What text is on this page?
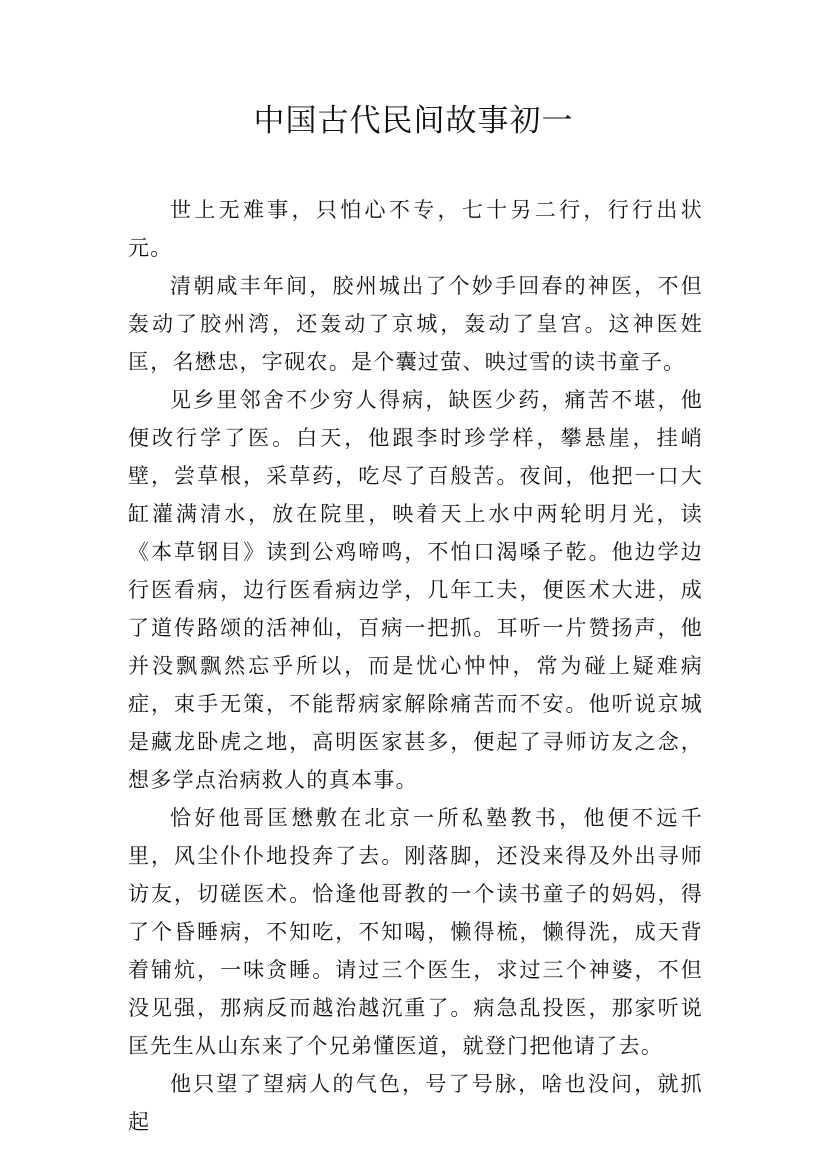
中国古代民间故事初一

世上无难事，只怕心不专，七十另二行，行行出状元。

清朝咸丰年间，胶州城出了个妙手回春的神医，不但轰动了胶州湾，还轰动了京城，轰动了皇宫。这神医姓匡，名懋忠，字砚农。是个囊过萤、映过雪的读书童子。

见乡里邻舍不少穷人得病，缺医少药，痛苦不堪，他便改行学了医。白天，他跟李时珍学样，攀悬崖，挂峭壁，尝草根，采草药，吃尽了百般苦。夜间，他把一口大缸灌满清水，放在院里，映着天上水中两轮明月光，读《本草钢目》读到公鸡啼鸣，不怕口渴嗓子乾。他边学边行医看病，边行医看病边学，几年工夫，便医术大进，成了道传路颂的活神仙，百病一把抓。耳听一片赞扬声，他并没飘飘然忘乎所以，而是忧心忡忡，常为碰上疑难病症，束手无策，不能帮病家解除痛苦而不安。他听说京城是藏龙卧虎之地，高明医家甚多，便起了寻师访友之念，想多学点治病救人的真本事。

恰好他哥匡懋敷在北京一所私塾教书，他便不远千里，风尘仆仆地投奔了去。刚落脚，还没来得及外出寻师访友，切磋医术。恰逢他哥教的一个读书童子的妈妈，得了个昏睡病，不知吃，不知喝，懒得梳，懒得洗，成天背着铺炕，一味贪睡。请过三个医生，求过三个神婆，不但没见强，那病反而越治越沉重了。病急乱投医，那家听说匡先生从山东来了个兄弟懂医道，就登门把他请了去。

他只望了望病人的气色，号了号脉，啥也没问，就抓起
